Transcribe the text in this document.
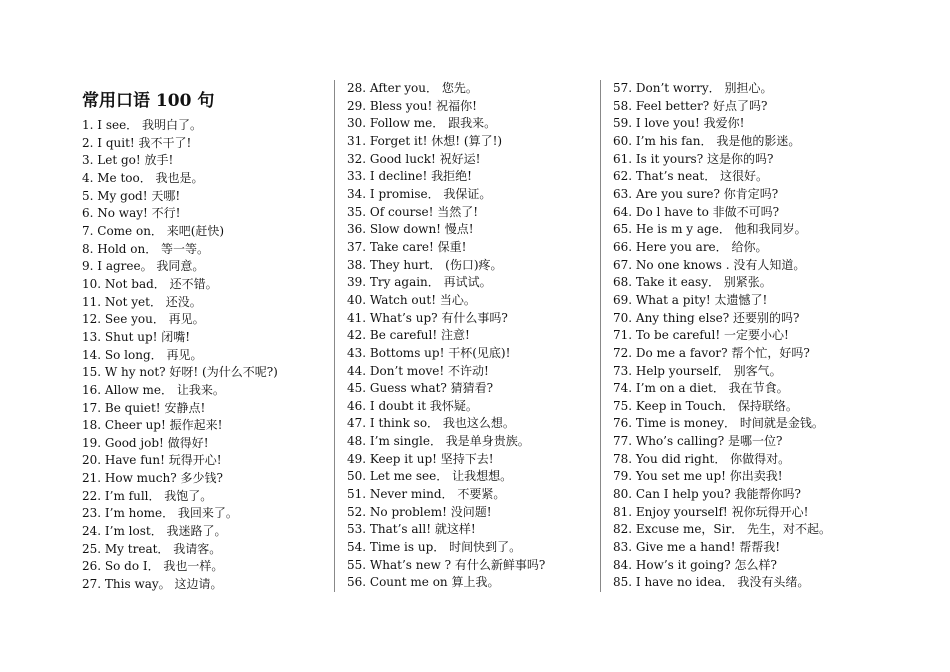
常用口语 100 句
1. I see． 我明白了。
2. I quit! 我不干了!
3. Let go! 放手!
4. Me too． 我也是。
5. My god! 天哪!
6. No way! 不行!
7. Come on． 来吧(赶快)
8. Hold on． 等一等。
9. I agree。 我同意。
10. Not bad． 还不错。
11. Not yet． 还没。
12. See you． 再见。
13. Shut up! 闭嘴!
14. So long． 再见。
15. W hy not? 好呀! (为什么不呢?)
16. Allow me． 让我来。
17. Be quiet! 安静点!
18. Cheer up! 振作起来!
19. Good job! 做得好!
20. Have fun! 玩得开心!
21. How much? 多少钱?
22. I’m full． 我饱了。
23. I’m home． 我回来了。
24. I’m lost． 我迷路了。
25. My treat． 我请客。
26. So do I． 我也一样。
27. This way。 这边请。
28. After you． 您先。
29. Bless you! 祝福你!
30. Follow me． 跟我来。
31. Forget it! 休想! (算了!)
32. Good luck! 祝好运!
33. I decline! 我拒绝!
34. I promise． 我保证。
35. Of course! 当然了!
36. Slow down! 慢点!
37. Take care! 保重!
38. They hurt． (伤口)疼。
39. Try again． 再试试。
40. Watch out! 当心。
41. What’s up? 有什么事吗?
42. Be careful! 注意!
43. Bottoms up! 干杯(见底)!
44. Don’t move! 不许动!
45. Guess what? 猜猜看?
46. I doubt it 我怀疑。
47. I think so． 我也这么想。
48. I’m single． 我是单身贵族。
49. Keep it up! 坚持下去!
50. Let me see． 让我想想。
51. Never mind． 不要紧。
52. No problem! 没问题!
53. That’s all! 就这样!
54. Time is up． 时间快到了。
55. What’s new ? 有什么新鲜事吗?
56. Count me on 算上我。
57. Don’t worry． 别担心。
58. Feel better? 好点了吗?
59. I love you! 我爱你!
60. I’m his fan． 我是他的影迷。
61. Is it yours? 这是你的吗?
62. That’s neat． 这很好。
63. Are you sure? 你肯定吗?
64. Do l have to 非做不可吗?
65. He is m y age． 他和我同岁。
66. Here you are． 给你。
67. No one knows . 没有人知道。
68. Take it easy． 别紧张。
69. What a pity! 太遗憾了!
70. Any thing else? 还要别的吗?
71. To be careful! 一定要小心!
72. Do me a favor? 帮个忙，好吗?
73. Help yourself． 别客气。
74. I’m on a diet． 我在节食。
75. Keep in Touch． 保持联络。
76. Time is money． 时间就是金钱。
77. Who’s calling? 是哪一位?
78. You did right． 你做得对。
79. You set me up! 你出卖我!
80. Can I help you? 我能帮你吗?
81. Enjoy yourself! 祝你玩得开心!
82. Excuse me，Sir． 先生，对不起。
83. Give me a hand! 帮帮我!
84. How’s it going? 怎么样?
85. I have no idea． 我没有头绪。
